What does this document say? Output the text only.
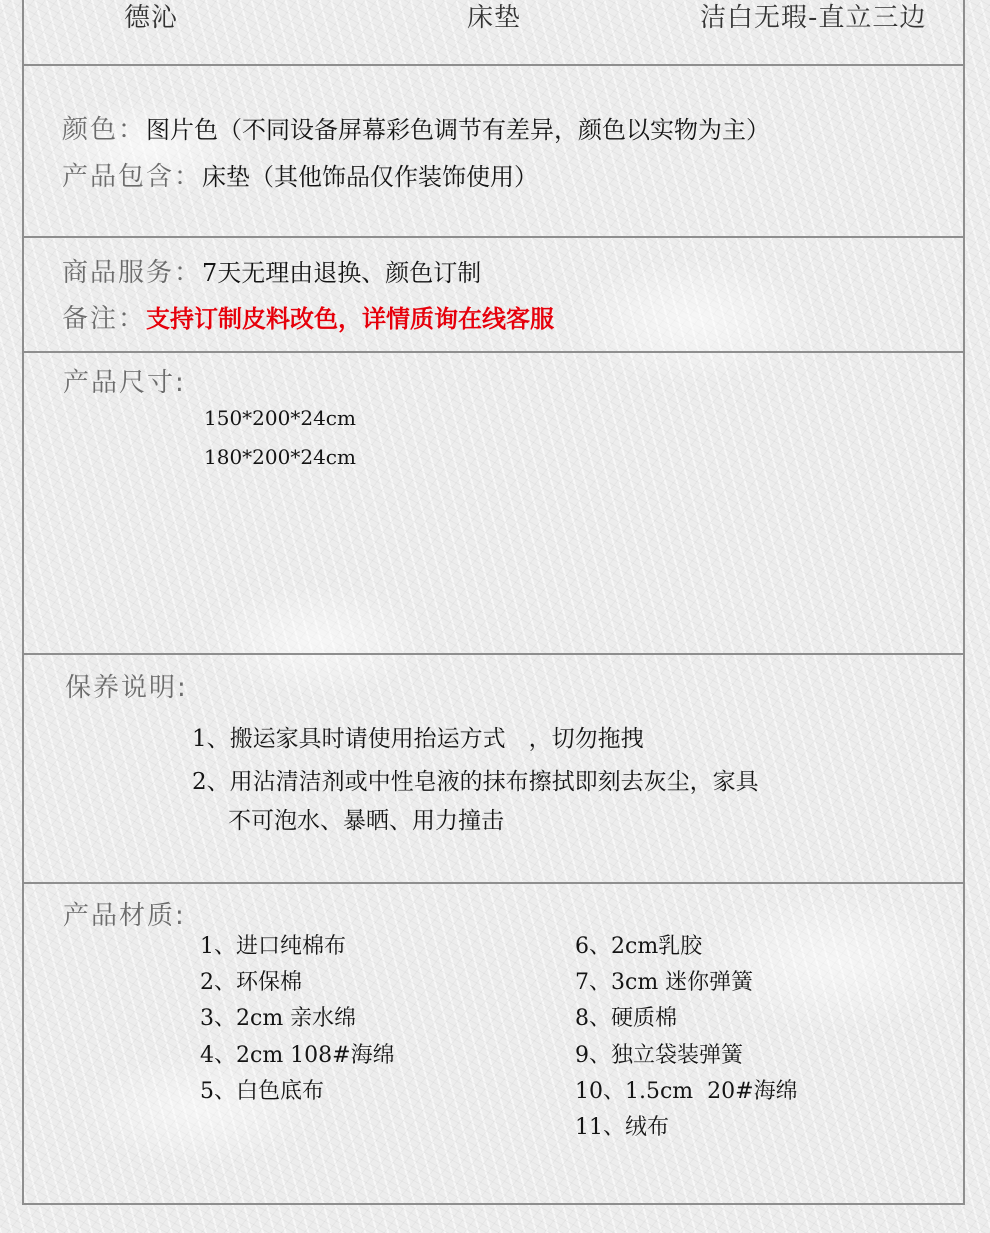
德沁	床垫	洁白无瑕-直立三边
颜色：图片色（不同设备屏幕彩色调节有差异，颜色以实物为主）
产品包含：床垫（其他饰品仅作装饰使用）
商品服务：7天无理由退换、颜色订制
备注：支持订制皮料改色，详情质询在线客服
产品尺寸:
150*200*24cm
180*200*24cm
保养说明:
1、搬运家具时请使用抬运方式　，切勿拖拽
2、用沾清洁剂或中性皂液的抹布擦拭即刻去灰尘，家具
不可泡水、暴晒、用力撞击
产品材质:
1、进口纯棉布
2、环保棉
3、2cm 亲水绵
4、2cm 108#海绵
5、白色底布
6、2cm乳胶
7、3cm 迷你弹簧
8、硬质棉
9、独立袋装弹簧
10、1.5cm  20#海绵
11、绒布
